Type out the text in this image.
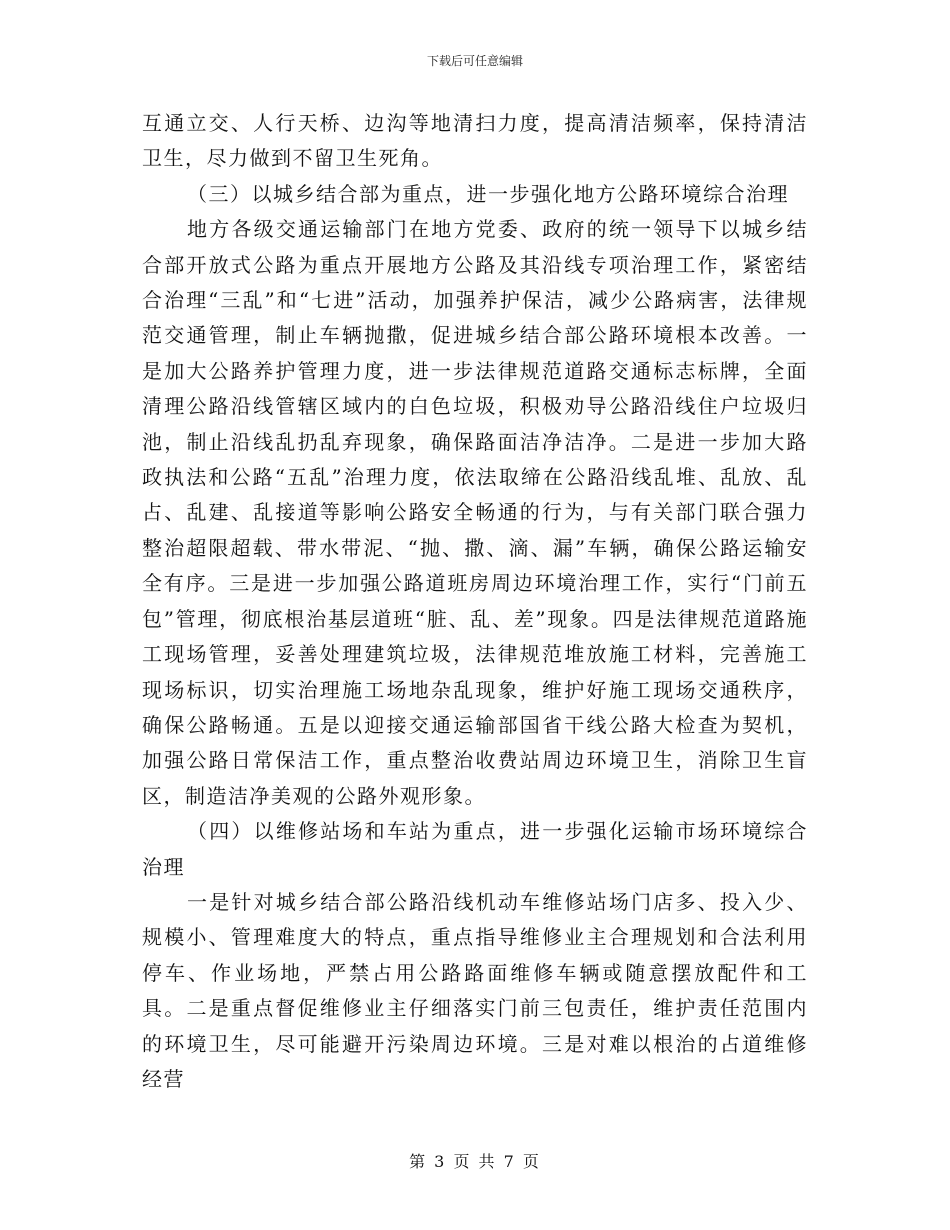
下载后可任意编辑

互通立交、人行天桥、边沟等地清扫力度，提高清洁频率，保持清洁卫生，尽力做到不留卫生死角。

（三）以城乡结合部为重点，进一步强化地方公路环境综合治理

地方各级交通运输部门在地方党委、政府的统一领导下以城乡结合部开放式公路为重点开展地方公路及其沿线专项治理工作，紧密结合治理“三乱”和“七进”活动，加强养护保洁，减少公路病害，法律规范交通管理，制止车辆抛撒，促进城乡结合部公路环境根本改善。一是加大公路养护管理力度，进一步法律规范道路交通标志标牌，全面清理公路沿线管辖区域内的白色垃圾，积极劝导公路沿线住户垃圾归池，制止沿线乱扔乱弃现象，确保路面洁净洁净。二是进一步加大路政执法和公路“五乱”治理力度，依法取缔在公路沿线乱堆、乱放、乱占、乱建、乱接道等影响公路安全畅通的行为，与有关部门联合强力整治超限超载、带水带泥、“抛、撒、滴、漏”车辆，确保公路运输安全有序。三是进一步加强公路道班房周边环境治理工作，实行“门前五包”管理，彻底根治基层道班“脏、乱、差”现象。四是法律规范道路施工现场管理，妥善处理建筑垃圾，法律规范堆放施工材料，完善施工现场标识，切实治理施工场地杂乱现象，维护好施工现场交通秩序，确保公路畅通。五是以迎接交通运输部国省干线公路大检查为契机，加强公路日常保洁工作，重点整治收费站周边环境卫生，消除卫生盲区，制造洁净美观的公路外观形象。

（四）以维修站场和车站为重点，进一步强化运输市场环境综合治理

一是针对城乡结合部公路沿线机动车维修站场门店多、投入少、规模小、管理难度大的特点，重点指导维修业主合理规划和合法利用停车、作业场地，严禁占用公路路面维修车辆或随意摆放配件和工具。二是重点督促维修业主仔细落实门前三包责任，维护责任范围内的环境卫生，尽可能避开污染周边环境。三是对难以根治的占道维修经营

第 3 页 共 7 页
